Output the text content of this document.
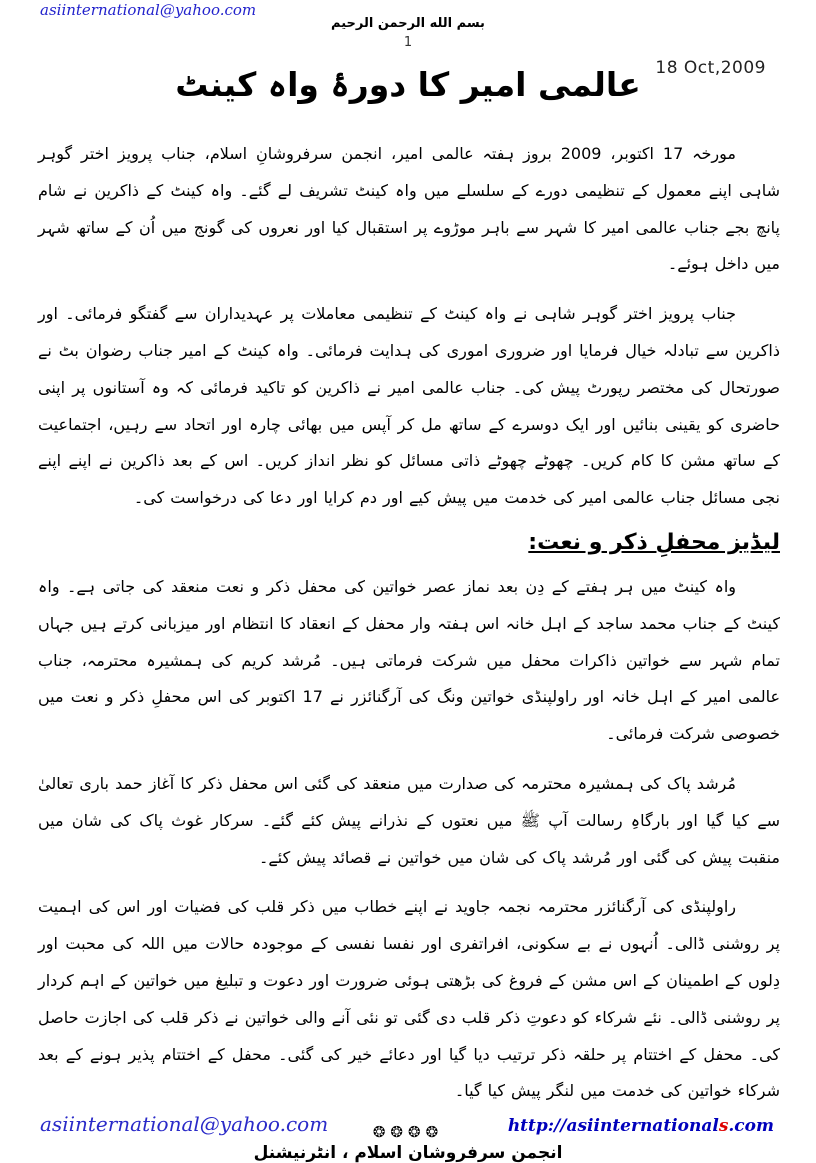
asiinternational@yahoo.com
بسم الله الرحمن الرحيم
1
18 Oct,2009
عالمی امیر کا دورۂ واہ کینٹ

مورخہ 17 اکتوبر، 2009 بروز ہفتہ عالمی امیر، انجمن سرفروشانِ اسلام، جناب پرویز اختر گوہر شاہی اپنے معمول کے تنظیمی دورے کے سلسلے میں واہ کینٹ تشریف لے گئے۔ واہ کینٹ کے ذاکرین نے شام پانچ بجے جناب عالمی امیر کا شہر سے باہر موڑوے پر استقبال کیا اور نعروں کی گونج میں اُن کے ساتھ شہر میں داخل ہوئے۔

جناب پرویز اختر گوہر شاہی نے واہ کینٹ کے تنظیمی معاملات پر عہدیداران سے گفتگو فرمائی۔ اور ذاکرین سے تبادلہ خیال فرمایا اور ضروری اموری کی ہدایت فرمائی۔ واہ کینٹ کے امیر جناب رضوان بٹ نے صورتحال کی مختصر رپورٹ پیش کی۔ جناب عالمی امیر نے ذاکرین کو تاکید فرمائی کہ وہ آستانوں پر اپنی حاضری کو یقینی بنائیں اور ایک دوسرے کے ساتھ مل کر آپس میں بھائی چارہ اور اتحاد سے رہیں، اجتماعیت کے ساتھ مشن کا کام کریں۔ چھوٹے چھوٹے ذاتی مسائل کو نظر انداز کریں۔ اس کے بعد ذاکرین نے اپنے اپنے نجی مسائل جناب عالمی امیر کی خدمت میں پیش کیے اور دم کرایا اور دعا کی درخواست کی۔

لیڈیز محفلِ ذکر و نعت:

واہ کینٹ میں ہر ہفتے کے دِن بعد نماز عصر خواتین کی محفل ذکر و نعت منعقد کی جاتی ہے۔ واہ کینٹ کے جناب محمد ساجد کے اہل خانہ اس ہفتہ وار محفل کے انعقاد کا انتظام اور میزبانی کرتے ہیں جہاں تمام شہر سے خواتین ذاکرات محفل میں شرکت فرماتی ہیں۔ مُرشد کریم کی ہمشیرہ محترمہ، جناب عالمی امیر کے اہل خانہ اور راولپنڈی خواتین ونگ کی آرگنائزر نے 17 اکتوبر کی اس محفلِ ذکر و نعت میں خصوصی شرکت فرمائی۔

مُرشد پاک کی ہمشیرہ محترمہ کی صدارت میں منعقد کی گئی اس محفل ذکر کا آغاز حمد باری تعالیٰ سے کیا گیا اور بارگاہِ رسالت آپ ﷺ میں نعتوں کے نذرانے پیش کئے گئے۔ سرکار غوث پاک کی شان میں منقبت پیش کی گئی اور مُرشد پاک کی شان میں خواتین نے قصائد پیش کئے۔

راولپنڈی کی آرگنائزر محترمہ نجمہ جاوید نے اپنے خطاب میں ذکر قلب کی فضیات اور اس کی اہمیت پر روشنی ڈالی۔ اُنہوں نے بے سکونی، افراتفری اور نفسا نفسی کے موجودہ حالات میں اللہ کی محبت اور دِلوں کے اطمینان کے اس مشن کے فروغ کی بڑھتی ہوئی ضرورت اور دعوت و تبلیغ میں خواتین کے اہم کردار پر روشنی ڈالی۔ نئے شرکاء کو دعوتِ ذکر قلب دی گئی تو نئی آنے والی خواتین نے ذکر قلب کی اجازت حاصل کی۔ محفل کے اختتام پر حلقہ ذکر ترتیب دیا گیا اور دعائے خیر کی گئی۔ محفل کے اختتام پذیر ہونے کے بعد شرکاء خواتین کی خدمت میں لنگر پیش کیا گیا۔

❂❂❂❂
انجمن سرفروشان اسلام ، انٹرنیشنل
asiinternational@yahoo.com	http://asiinternationals.com
